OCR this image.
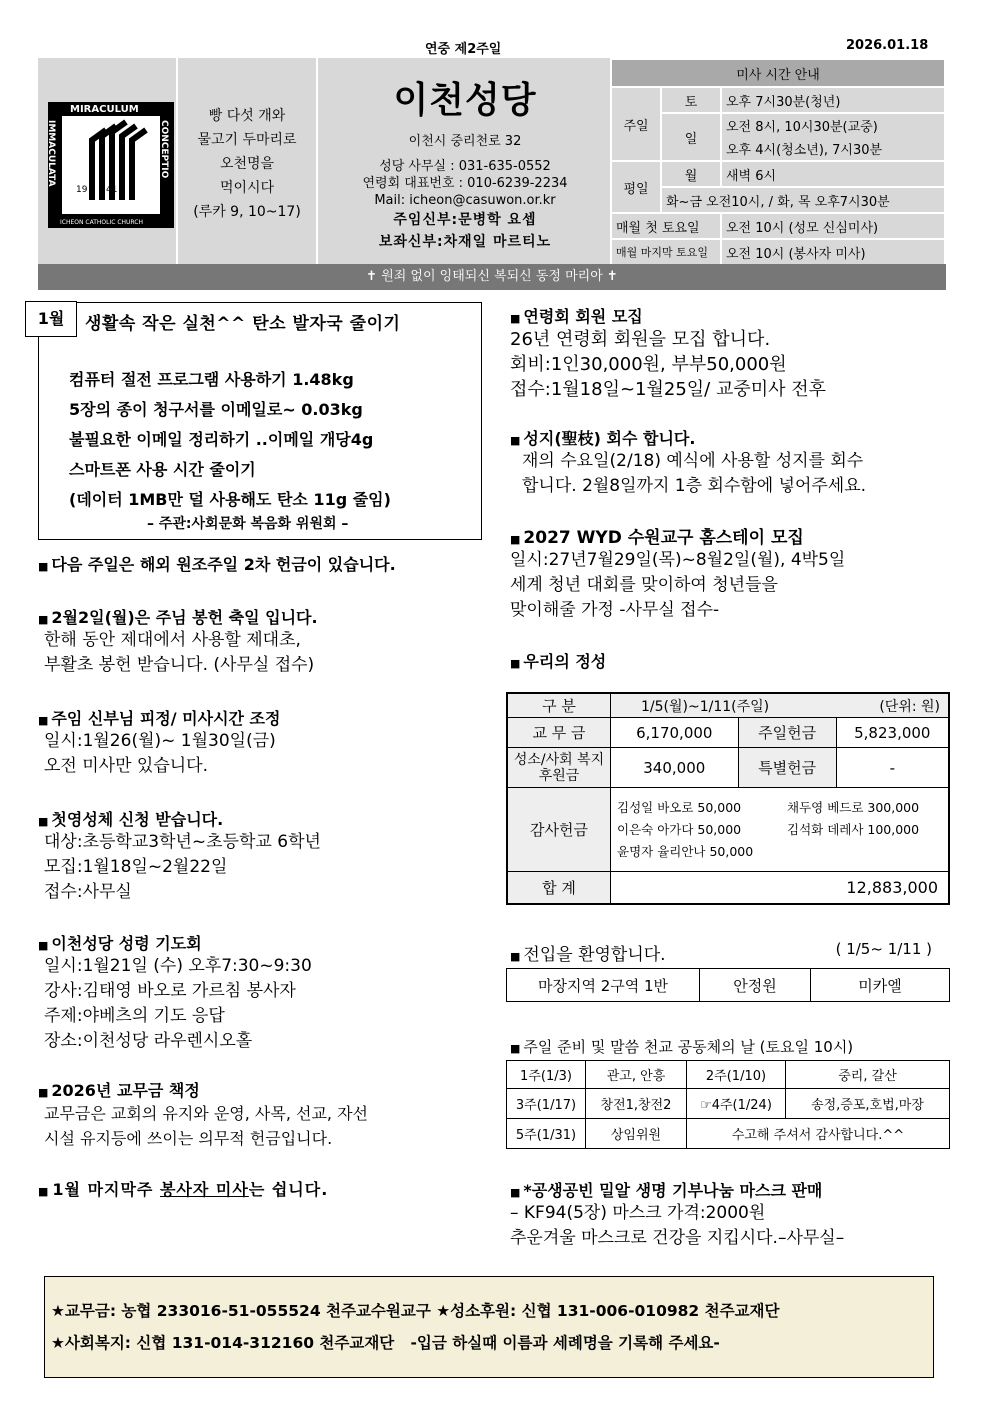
연중 제2주일	2026.01.18
19 41
MIRACULUM
ICHEON CATHOLIC CHURCH
IMMACULATA	CONCEPTIO
빵 다섯 개와
물고기 두마리로
오천명을
먹이시다
(루카 9, 10~17)
이천성당
이천시 중리천로 32
성당 사무실 : 031-635-0552
연령회 대표번호 : 010-6239-2234
Mail: icheon@casuwon.or.kr
주임신부:문병학 요셉
보좌신부:차재일 마르티노
미사 시간 안내		
주일	토	오후 7시30분(청년)
	일	오전 8시, 10시30분(교중)
		오후 4시(청소년), 7시30분
평일	월	새벽 6시
	화~금 오전10시, / 화, 목 오후7시30분	
매월 첫 토요일		오전 10시 (성모 신심미사)
매월 마지막 토요일		오전 10시 (봉사자 미사)
✝ 원죄 없이 잉태되신 복되신 동정 마리아 ✝
1월	생활속 작은 실천^^ 탄소 발자국 줄이기
컴퓨터 절전 프로그램 사용하기 1.48kg
5장의 종이 청구서를 이메일로~ 0.03kg
불필요한 이메일 정리하기 ..이메일 개당4g
스마트폰 사용 시간 줄이기
(데이터 1MB만 덜 사용해도 탄소 11g 줄임)
– 주관:사회문화 복음화 위원회 –
■ 다음 주일은 해외 원조주일 2차 헌금이 있습니다.
■ 2월2일(월)은 주님 봉헌 축일 입니다.
한해 동안 제대에서 사용할 제대초,
부활초 봉헌 받습니다. (사무실 접수)
■ 주임 신부님 피정/ 미사시간 조정
일시:1월26(월)~ 1월30일(금)
오전 미사만 있습니다.
■ 첫영성체 신청 받습니다.
대상:초등학교3학년~초등학교 6학년
모집:1월18일~2월22일
접수:사무실
■ 이천성당 성령 기도회
일시:1월21일 (수) 오후7:30~9:30
강사:김태영 바오로 가르침 봉사자
주제:야베츠의 기도 응답
장소:이천성당 라우렌시오홀
■ 2026년 교무금 책정
교무금은 교회의 유지와 운영, 사목, 선교, 자선
시설 유지등에 쓰이는 의무적 헌금입니다.
■ 1월 마지막주 봉사자 미사는 쉽니다.
■ 연령회 회원 모집
26년 연령회 회원을 모집 합니다.
회비:1인30,000원, 부부50,000원
접수:1월18일~1월25일/ 교중미사 전후
■ 성지(聖枝) 회수 합니다.
재의 수요일(2/18) 예식에 사용할 성지를 회수
합니다. 2월8일까지 1층 회수함에 넣어주세요.
■ 2027 WYD 수원교구 홈스테이 모집
일시:27년7월29일(목)~8월2일(월), 4박5일
세계 청년 대회를 맞이하여 청년들을
맞이해줄 가정 -사무실 접수-
■ 우리의 정성
구 분	1/5(월)~1/11(주일)		(단위: 원)
교 무 금	6,170,000	주일헌금	5,823,000
성소/사회 복지후원금	340,000	특별헌금	-
감사헌금	김성일 바오로 50,000 채두영 베드로 300,000
이은숙 아가다 50,000 김석화 데레사 100,000
윤명자 율리안나 50,000		
합 계	12,883,000		
■ 전입을 환영합니다.	( 1/5~ 1/11 )
마장지역 2구역 1반	안정원	미카엘
■ 주일 준비 및 말씀 천교 공동체의 날 (토요일 10시)
1주(1/3)	관고, 안흥	2주(1/10)	중리, 갈산
3주(1/17)	창전1,창전2	☞4주(1/24)	송정,증포,호법,마장
5주(1/31)	상임위원	수고해 주셔서 감사합니다.^^	
■ *공생공빈 밀알 생명 기부나눔 마스크 판매
– KF94(5장) 마스크 가격:2000원
추운겨울 마스크로 건강을 지킵시다.–사무실–
★교무금: 농협 233016-51-055524 천주교수원교구 ★성소후원: 신협 131-006-010982 천주교재단
★사회복지: 신협 131-014-312160 천주교재단   -입금 하실때 이름과 세례명을 기록해 주세요-
